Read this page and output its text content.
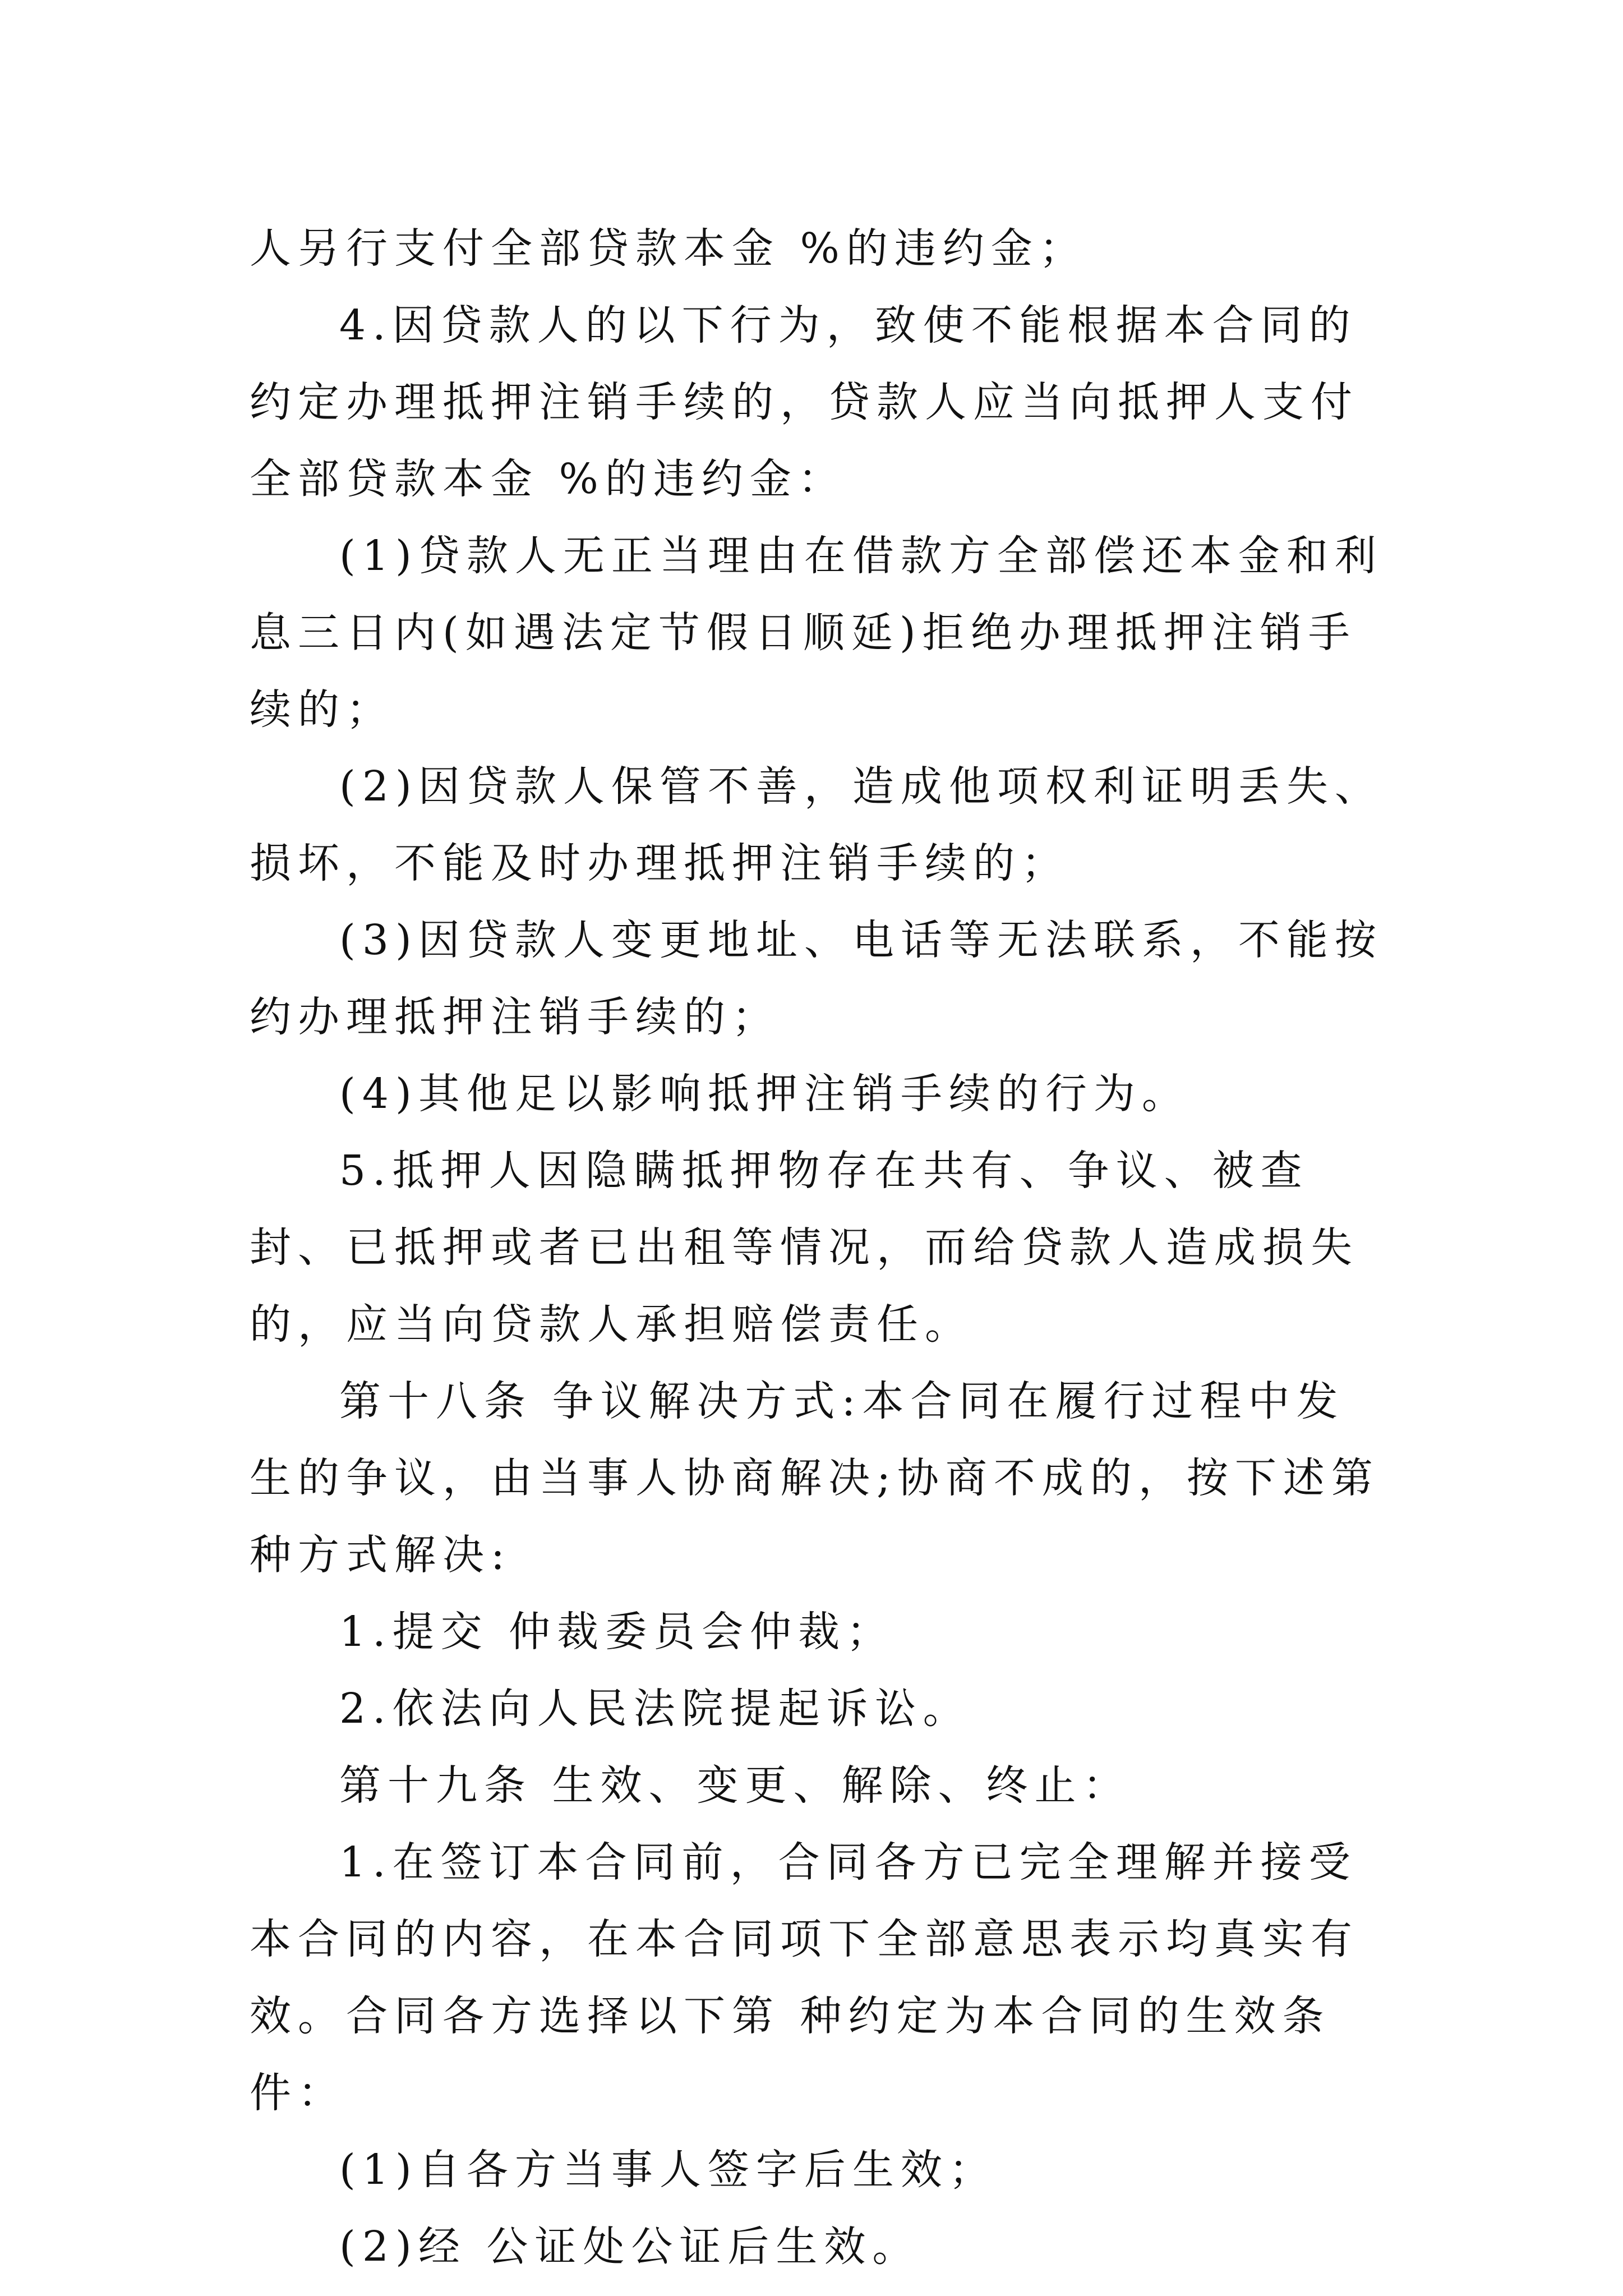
人另行支付全部贷款本金 %的违约金；

4.因贷款人的以下行为，致使不能根据本合同的约定办理抵押注销手续的，贷款人应当向抵押人支付全部贷款本金 %的违约金：

(1)贷款人无正当理由在借款方全部偿还本金和利息三日内(如遇法定节假日顺延)拒绝办理抵押注销手续的；

(2)因贷款人保管不善，造成他项权利证明丢失、损坏，不能及时办理抵押注销手续的；

(3)因贷款人变更地址、电话等无法联系，不能按约办理抵押注销手续的；

(4)其他足以影响抵押注销手续的行为。

5.抵押人因隐瞒抵押物存在共有、争议、被查封、已抵押或者已出租等情况，而给贷款人造成损失的，应当向贷款人承担赔偿责任。

第十八条 争议解决方式:本合同在履行过程中发生的争议，由当事人协商解决;协商不成的，按下述第 种方式解决:

1.提交 仲裁委员会仲裁；

2.依法向人民法院提起诉讼。

第十九条 生效、变更、解除、终止：

1.在签订本合同前，合同各方已完全理解并接受本合同的内容，在本合同项下全部意思表示均真实有效。合同各方选择以下第 种约定为本合同的生效条件：

(1)自各方当事人签字后生效；

(2)经 公证处公证后生效。
